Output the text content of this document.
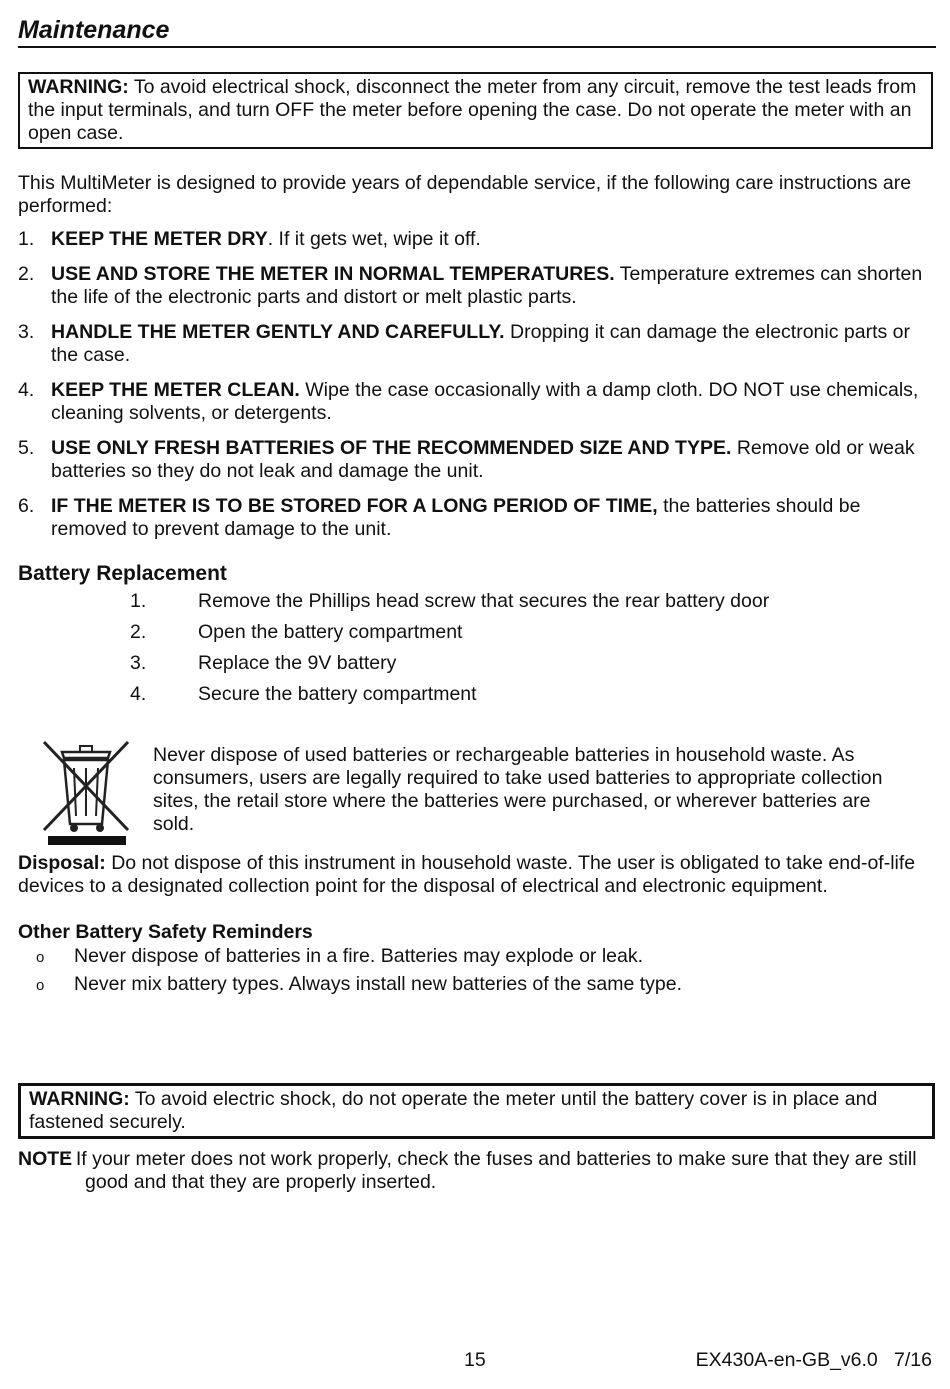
Maintenance
WARNING: To avoid electrical shock, disconnect the meter from any circuit, remove the test leads from the input terminals, and turn OFF the meter before opening the case. Do not operate the meter with an open case.
This MultiMeter is designed to provide years of dependable service, if the following care instructions are performed:
1. KEEP THE METER DRY. If it gets wet, wipe it off.
2. USE AND STORE THE METER IN NORMAL TEMPERATURES. Temperature extremes can shorten the life of the electronic parts and distort or melt plastic parts.
3. HANDLE THE METER GENTLY AND CAREFULLY. Dropping it can damage the electronic parts or the case.
4. KEEP THE METER CLEAN. Wipe the case occasionally with a damp cloth. DO NOT use chemicals, cleaning solvents, or detergents.
5. USE ONLY FRESH BATTERIES OF THE RECOMMENDED SIZE AND TYPE. Remove old or weak batteries so they do not leak and damage the unit.
6. IF THE METER IS TO BE STORED FOR A LONG PERIOD OF TIME, the batteries should be removed to prevent damage to the unit.
Battery Replacement
1.	Remove the Phillips head screw that secures the rear battery door
2.	Open the battery compartment
3.	Replace the 9V battery
4.	Secure the battery compartment
Never dispose of used batteries or rechargeable batteries in household waste. As consumers, users are legally required to take used batteries to appropriate collection sites, the retail store where the batteries were purchased, or wherever batteries are sold.
Disposal: Do not dispose of this instrument in household waste. The user is obligated to take end-of-life devices to a designated collection point for the disposal of electrical and electronic equipment.
Other Battery Safety Reminders
o Never dispose of batteries in a fire. Batteries may explode or leak.
o Never mix battery types. Always install new batteries of the same type.
WARNING: To avoid electric shock, do not operate the meter until the battery cover is in place and fastened securely.
NOTE
: If your meter does not work properly, check the fuses and batteries to make sure that they are still good and that they are properly inserted.
15	EX430A-en-GB_v6.0   7/16
